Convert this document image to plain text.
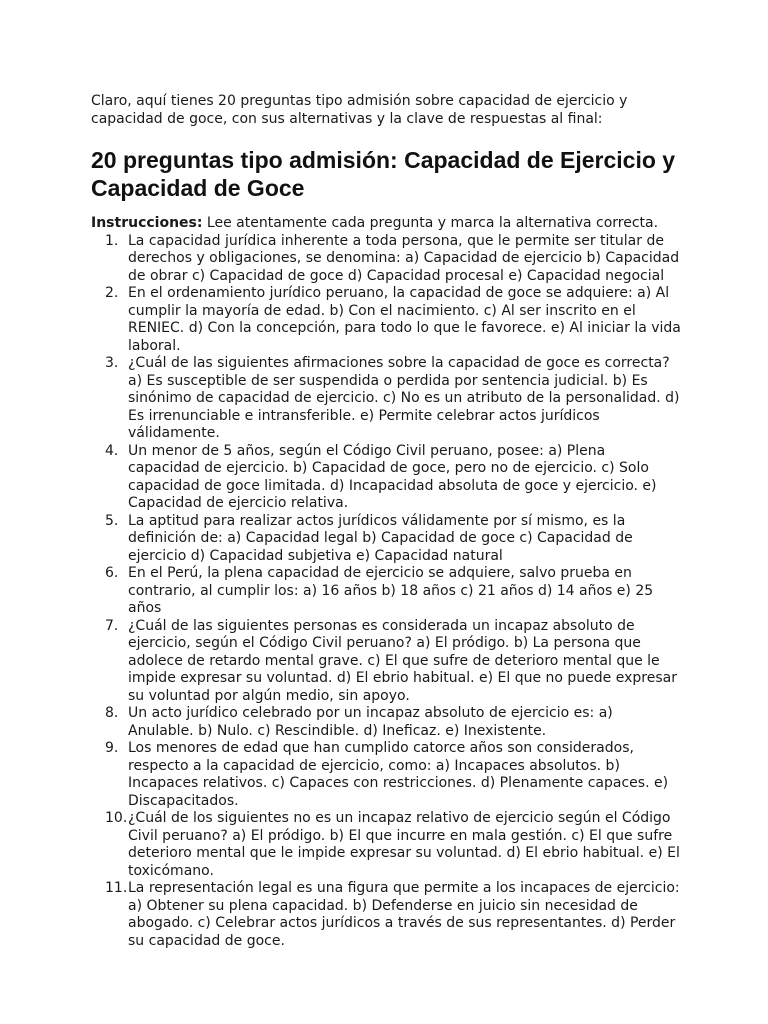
Claro, aquí tienes 20 preguntas tipo admisión sobre capacidad de ejercicio y capacidad de goce, con sus alternativas y la clave de respuestas al final:

20 preguntas tipo admisión: Capacidad de Ejercicio y Capacidad de Goce

Instrucciones: Lee atentamente cada pregunta y marca la alternativa correcta.

1. La capacidad jurídica inherente a toda persona, que le permite ser titular de derechos y obligaciones, se denomina: a) Capacidad de ejercicio b) Capacidad de obrar c) Capacidad de goce d) Capacidad procesal e) Capacidad negocial
2. En el ordenamiento jurídico peruano, la capacidad de goce se adquiere: a) Al cumplir la mayoría de edad. b) Con el nacimiento. c) Al ser inscrito en el RENIEC. d) Con la concepción, para todo lo que le favorece. e) Al iniciar la vida laboral.
3. ¿Cuál de las siguientes afirmaciones sobre la capacidad de goce es correcta? a) Es susceptible de ser suspendida o perdida por sentencia judicial. b) Es sinónimo de capacidad de ejercicio. c) No es un atributo de la personalidad. d) Es irrenunciable e intransferible. e) Permite celebrar actos jurídicos válidamente.
4. Un menor de 5 años, según el Código Civil peruano, posee: a) Plena capacidad de ejercicio. b) Capacidad de goce, pero no de ejercicio. c) Solo capacidad de goce limitada. d) Incapacidad absoluta de goce y ejercicio. e) Capacidad de ejercicio relativa.
5. La aptitud para realizar actos jurídicos válidamente por sí mismo, es la definición de: a) Capacidad legal b) Capacidad de goce c) Capacidad de ejercicio d) Capacidad subjetiva e) Capacidad natural
6. En el Perú, la plena capacidad de ejercicio se adquiere, salvo prueba en contrario, al cumplir los: a) 16 años b) 18 años c) 21 años d) 14 años e) 25 años
7. ¿Cuál de las siguientes personas es considerada un incapaz absoluto de ejercicio, según el Código Civil peruano? a) El pródigo. b) La persona que adolece de retardo mental grave. c) El que sufre de deterioro mental que le impide expresar su voluntad. d) El ebrio habitual. e) El que no puede expresar su voluntad por algún medio, sin apoyo.
8. Un acto jurídico celebrado por un incapaz absoluto de ejercicio es: a) Anulable. b) Nulo. c) Rescindible. d) Ineficaz. e) Inexistente.
9. Los menores de edad que han cumplido catorce años son considerados, respecto a la capacidad de ejercicio, como: a) Incapaces absolutos. b) Incapaces relativos. c) Capaces con restricciones. d) Plenamente capaces. e) Discapacitados.
10. ¿Cuál de los siguientes no es un incapaz relativo de ejercicio según el Código Civil peruano? a) El pródigo. b) El que incurre en mala gestión. c) El que sufre deterioro mental que le impide expresar su voluntad. d) El ebrio habitual. e) El toxicómano.
11. La representación legal es una figura que permite a los incapaces de ejercicio: a) Obtener su plena capacidad. b) Defenderse en juicio sin necesidad de abogado. c) Celebrar actos jurídicos a través de sus representantes. d) Perder su capacidad de goce.
